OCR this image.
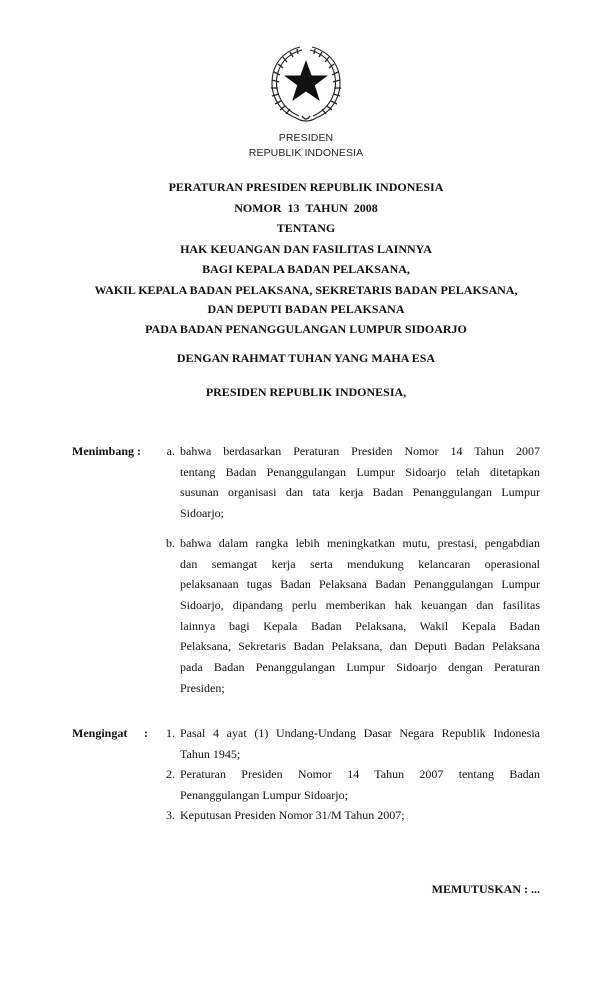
PRESIDEN
REPUBLIK INDONESIA
PERATURAN PRESIDEN REPUBLIK INDONESIA
NOMOR  13  TAHUN  2008
TENTANG
HAK KEUANGAN DAN FASILITAS LAINNYA
BAGI KEPALA BADAN PELAKSANA,
WAKIL KEPALA BADAN PELAKSANA, SEKRETARIS BADAN PELAKSANA,
DAN DEPUTI BADAN PELAKSANA
PADA BADAN PENANGGULANGAN LUMPUR SIDOARJO
DENGAN RAHMAT TUHAN YANG MAHA ESA
PRESIDEN REPUBLIK INDONESIA,
Menimbang :	a. bahwa berdasarkan Peraturan Presiden Nomor 14 Tahun 2007
tentang Badan Penanggulangan Lumpur Sidoarjo telah ditetapkan
susunan organisasi dan tata kerja Badan Penanggulangan Lumpur
Sidoarjo;
b. bahwa dalam rangka lebih meningkatkan mutu, prestasi, pengabdian
dan semangat kerja serta mendukung kelancaran operasional
pelaksanaan tugas Badan Pelaksana Badan Penanggulangan Lumpur
Sidoarjo, dipandang perlu memberikan hak keuangan dan fasilitas
lainnya bagi Kepala Badan Pelaksana, Wakil Kepala Badan
Pelaksana, Sekretaris Badan Pelaksana, dan Deputi Badan Pelaksana
pada Badan Penanggulangan Lumpur Sidoarjo dengan Peraturan
Presiden;
Mengingat :	1. Pasal 4 ayat (1) Undang-Undang Dasar Negara Republik Indonesia
Tahun 1945;
2. Peraturan Presiden Nomor 14 Tahun 2007 tentang Badan
Penanggulangan Lumpur Sidoarjo;
3. Keputusan Presiden Nomor 31/M Tahun 2007;
MEMUTUSKAN : ...
